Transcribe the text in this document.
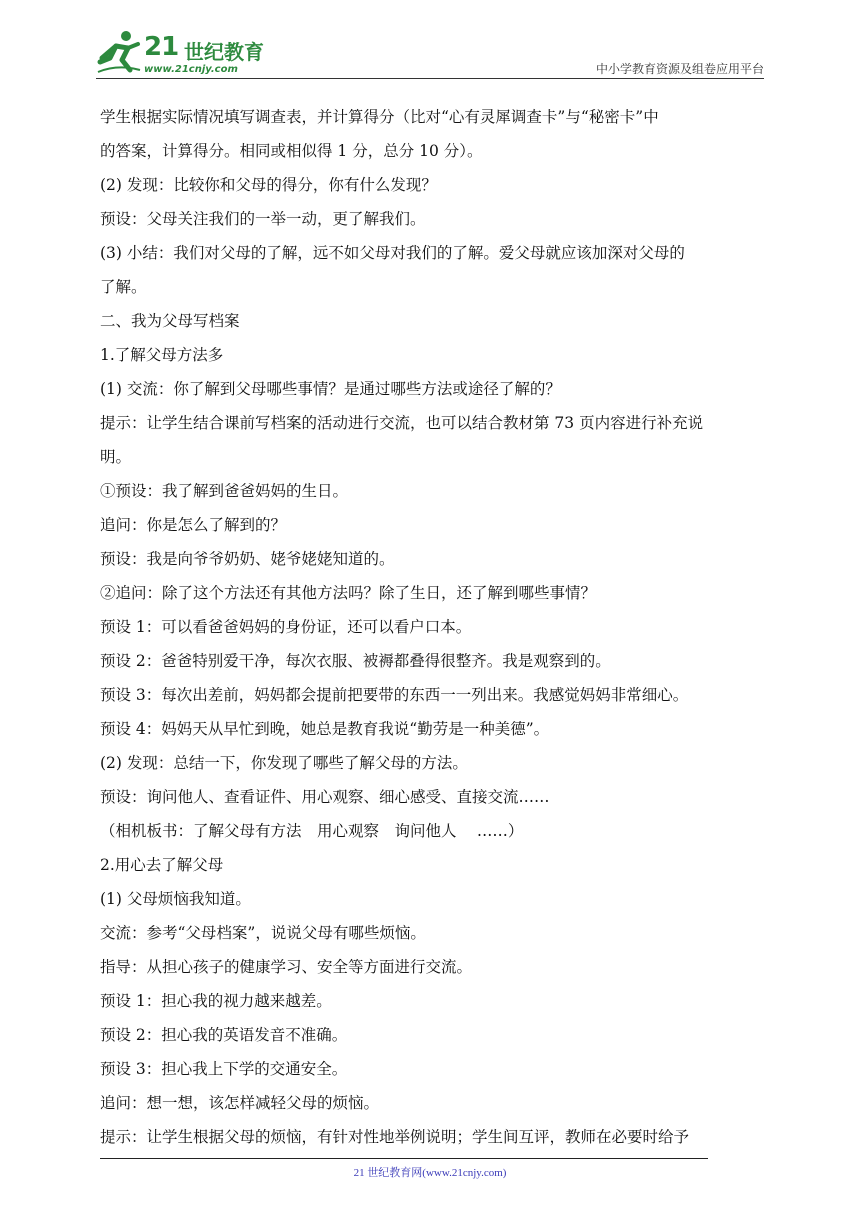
21 世纪教育
www.21cnjy.com	中小学教育资源及组卷应用平台

学生根据实际情况填写调查表，并计算得分（比对“心有灵犀调查卡”与“秘密卡”中

的答案，计算得分。相同或相似得 1 分，总分 10 分）。

(2) 发现：比较你和父母的得分，你有什么发现？

预设：父母关注我们的一举一动，更了解我们。

(3) 小结：我们对父母的了解，远不如父母对我们的了解。爱父母就应该加深对父母的

了解。

二、我为父母写档案

1.了解父母方法多

(1) 交流：你了解到父母哪些事情？是通过哪些方法或途径了解的？

提示：让学生结合课前写档案的活动进行交流，也可以结合教材第 73 页内容进行补充说

明。

①预设：我了解到爸爸妈妈的生日。

追问：你是怎么了解到的？

预设：我是向爷爷奶奶、姥爷姥姥知道的。

②追问：除了这个方法还有其他方法吗？除了生日，还了解到哪些事情？

预设 1：可以看爸爸妈妈的身份证，还可以看户口本。

预设 2：爸爸特别爱干净，每次衣服、被褥都叠得很整齐。我是观察到的。

预设 3：每次出差前，妈妈都会提前把要带的东西一一列出来。我感觉妈妈非常细心。

预设 4：妈妈天从早忙到晚，她总是教育我说“勤劳是一种美德”。

(2) 发现：总结一下，你发现了哪些了解父母的方法。

预设：询问他人、查看证件、用心观察、细心感受、直接交流……

（相机板书：了解父母有方法　用心观察　询问他人　 ……）

2.用心去了解父母

(1) 父母烦恼我知道。

交流：参考“父母档案”，说说父母有哪些烦恼。

指导：从担心孩子的健康学习、安全等方面进行交流。

预设 1：担心我的视力越来越差。

预设 2：担心我的英语发音不准确。

预设 3：担心我上下学的交通安全。

追问：想一想，该怎样减轻父母的烦恼。

提示：让学生根据父母的烦恼，有针对性地举例说明；学生间互评，教师在必要时给予

21 世纪教育网(www.21cnjy.com)
